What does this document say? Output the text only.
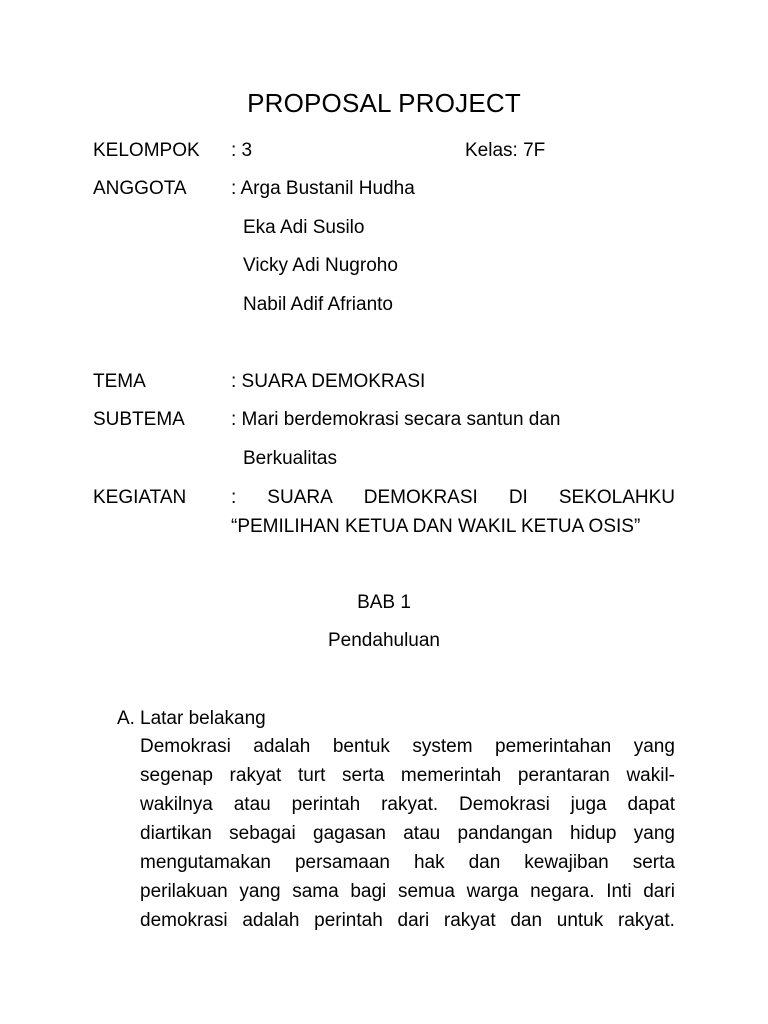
PROPOSAL PROJECT
KELOMPOK : 3	Kelas: 7F
ANGGOTA : Arga Bustanil Hudha
Eka Adi Susilo
Vicky Adi Nugroho
Nabil Adif Afrianto
TEMA	: SUARA DEMOKRASI
SUBTEMA : Mari berdemokrasi secara santun dan
Berkualitas
KEGIATAN : SUARA DEMOKRASI DI SEKOLAHKU
“PEMILIHAN KETUA DAN WAKIL KETUA OSIS”
BAB 1
Pendahuluan
A. Latar belakang
Demokrasi adalah bentuk system pemerintahan yang
segenap rakyat turt serta memerintah perantaran wakil-
wakilnya atau perintah rakyat. Demokrasi juga dapat
diartikan sebagai gagasan atau pandangan hidup yang
mengutamakan persamaan hak dan kewajiban serta
perilakuan yang sama bagi semua warga negara. Inti dari
demokrasi adalah perintah dari rakyat dan untuk rakyat.
